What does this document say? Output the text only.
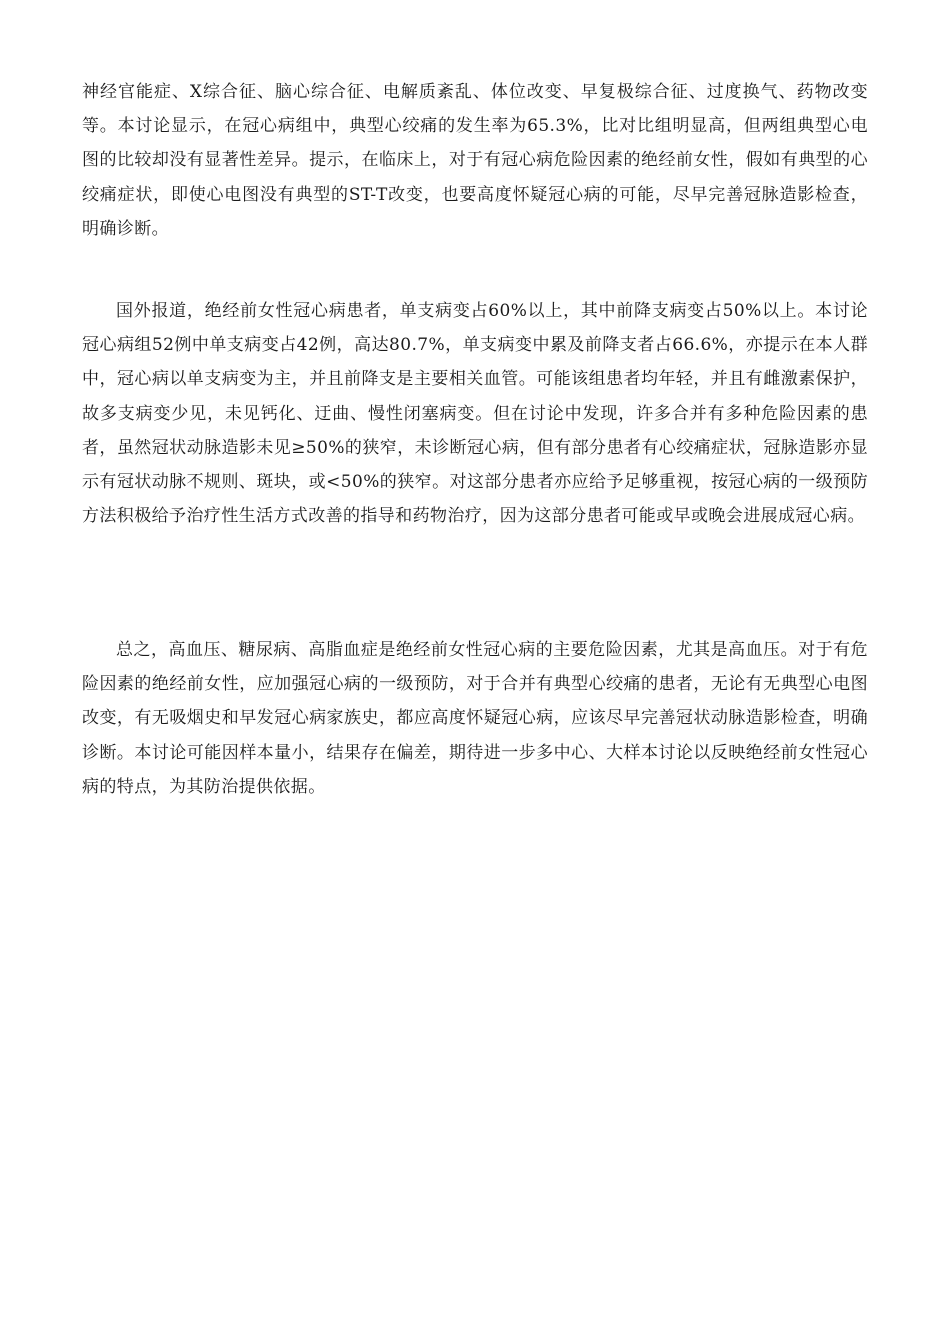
神经官能症、X综合征、脑心综合征、电解质紊乱、体位改变、早复极综合征、过度换气、药物改变等。本讨论显示，在冠心病组中，典型心绞痛的发生率为65.3%，比对比组明显高，但两组典型心电图的比较却没有显著性差异。提示，在临床上，对于有冠心病危险因素的绝经前女性，假如有典型的心绞痛症状，即使心电图没有典型的ST-T改变，也要高度怀疑冠心病的可能，尽早完善冠脉造影检查，明确诊断。

国外报道，绝经前女性冠心病患者，单支病变占60%以上，其中前降支病变占50%以上。本讨论冠心病组52例中单支病变占42例，高达80.7%，单支病变中累及前降支者占66.6%，亦提示在本人群中，冠心病以单支病变为主，并且前降支是主要相关血管。可能该组患者均年轻，并且有雌激素保护，故多支病变少见，未见钙化、迂曲、慢性闭塞病变。但在讨论中发现，许多合并有多种危险因素的患者，虽然冠状动脉造影未见≥50%的狭窄，未诊断冠心病，但有部分患者有心绞痛症状，冠脉造影亦显示有冠状动脉不规则、斑块，或<50%的狭窄。对这部分患者亦应给予足够重视，按冠心病的一级预防方法积极给予治疗性生活方式改善的指导和药物治疗，因为这部分患者可能或早或晚会进展成冠心病。

总之，高血压、糖尿病、高脂血症是绝经前女性冠心病的主要危险因素，尤其是高血压。对于有危险因素的绝经前女性，应加强冠心病的一级预防，对于合并有典型心绞痛的患者，无论有无典型心电图改变，有无吸烟史和早发冠心病家族史，都应高度怀疑冠心病，应该尽早完善冠状动脉造影检查，明确诊断。本讨论可能因样本量小，结果存在偏差，期待进一步多中心、大样本讨论以反映绝经前女性冠心病的特点，为其防治提供依据。
